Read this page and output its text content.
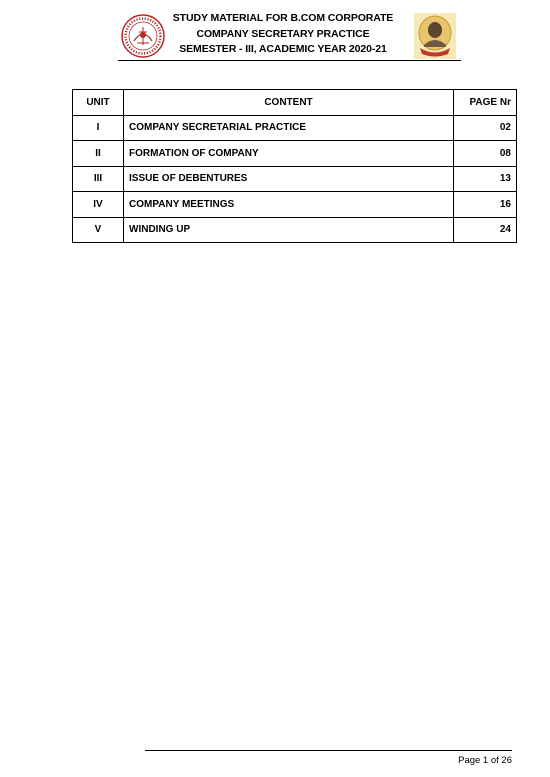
STUDY MATERIAL FOR B.COM CORPORATE
COMPANY SECRETARY PRACTICE
SEMESTER - III, ACADEMIC YEAR 2020-21
UNIT	CONTENT	PAGE Nr
I	COMPANY SECRETARIAL PRACTICE	02
II	FORMATION OF COMPANY	08
III	ISSUE OF DEBENTURES	13
IV	COMPANY MEETINGS	16
V	WINDING UP	24
Page 1 of 26
